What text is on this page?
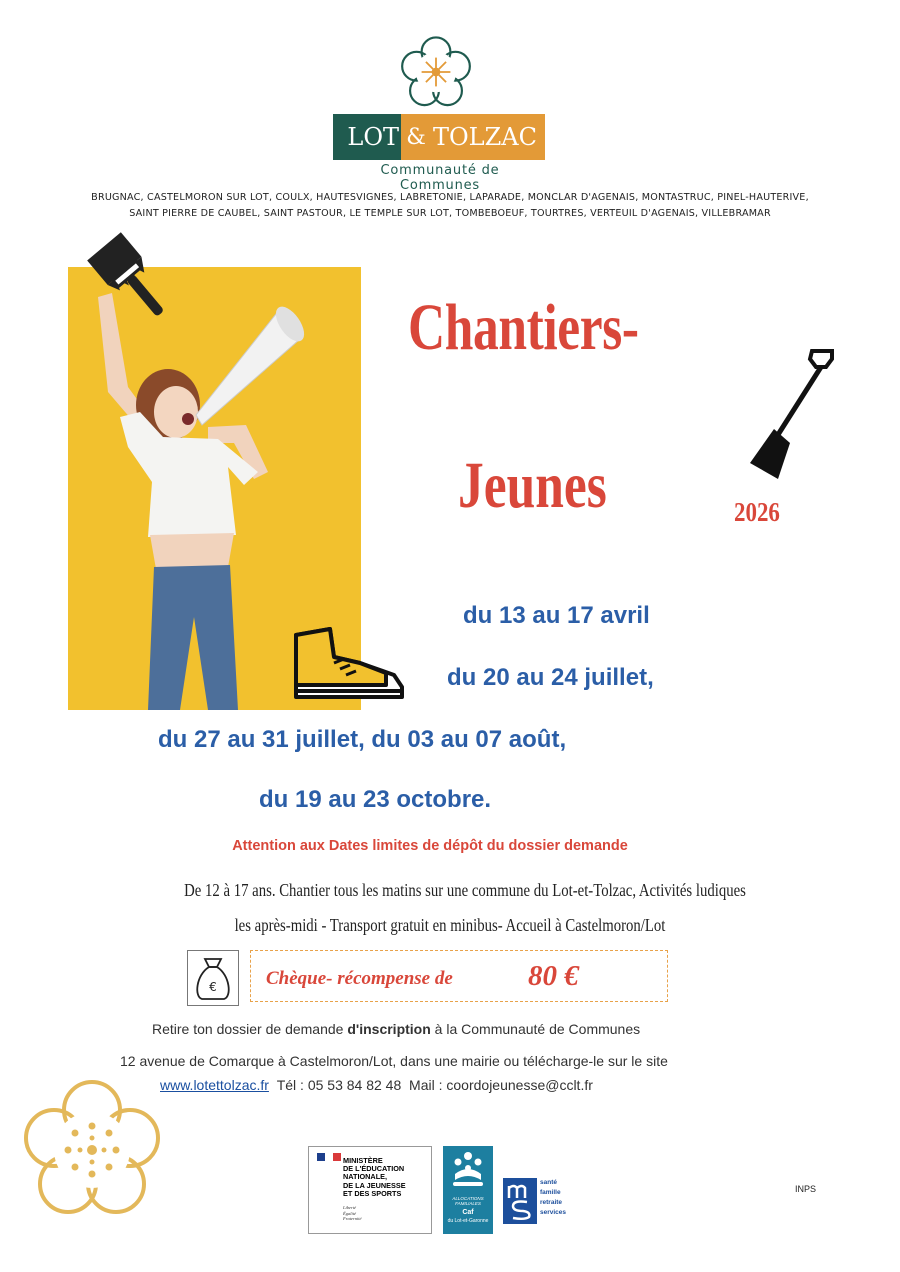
LOT & TOLZAC
Communauté de Communes
BRUGNAC, CASTELMORON SUR LOT, COULX, HAUTESVIGNES, LABRETONIE, LAPARADE, MONCLAR D'AGENAIS, MONTASTRUC, PINEL-HAUTERIVE,
SAINT PIERRE DE CAUBEL, SAINT PASTOUR, LE TEMPLE SUR LOT, TOMBEBOEUF, TOURTRES, VERTEUIL D'AGENAIS, VILLEBRAMAR
Chantiers-
Jeunes	2026
du 13 au 17 avril
du 20 au 24 juillet,
du 27 au 31 juillet, du 03 au 07 août,
du 19 au 23 octobre.
Attention aux Dates limites de dépôt du dossier demande
De 12 à 17 ans. Chantier tous les matins sur une commune du Lot-et-Tolzac, Activités ludiques
les après-midi - Transport gratuit en minibus- Accueil à Castelmoron/Lot
€	Chèque- récompense de	80 €
Retire ton dossier de demande d'inscription à la Communauté de Communes
12 avenue de Comarque à Castelmoron/Lot, dans une mairie ou télécharge-le sur le site
www.lotettolzac.fr Tél : 05 53 84 82 48 Mail : coordojeunesse@cclt.fr
MINISTÈRE
DE L'ÉDUCATION
NATIONALE,
DE LA JEUNESSE
ET DES SPORTS
Liberté
Égalité
Fraternité
ALLOCATIONS FAMILIALES
Caf
du Lot-et-Garonne
santé
famille
retraite
services
INPS
